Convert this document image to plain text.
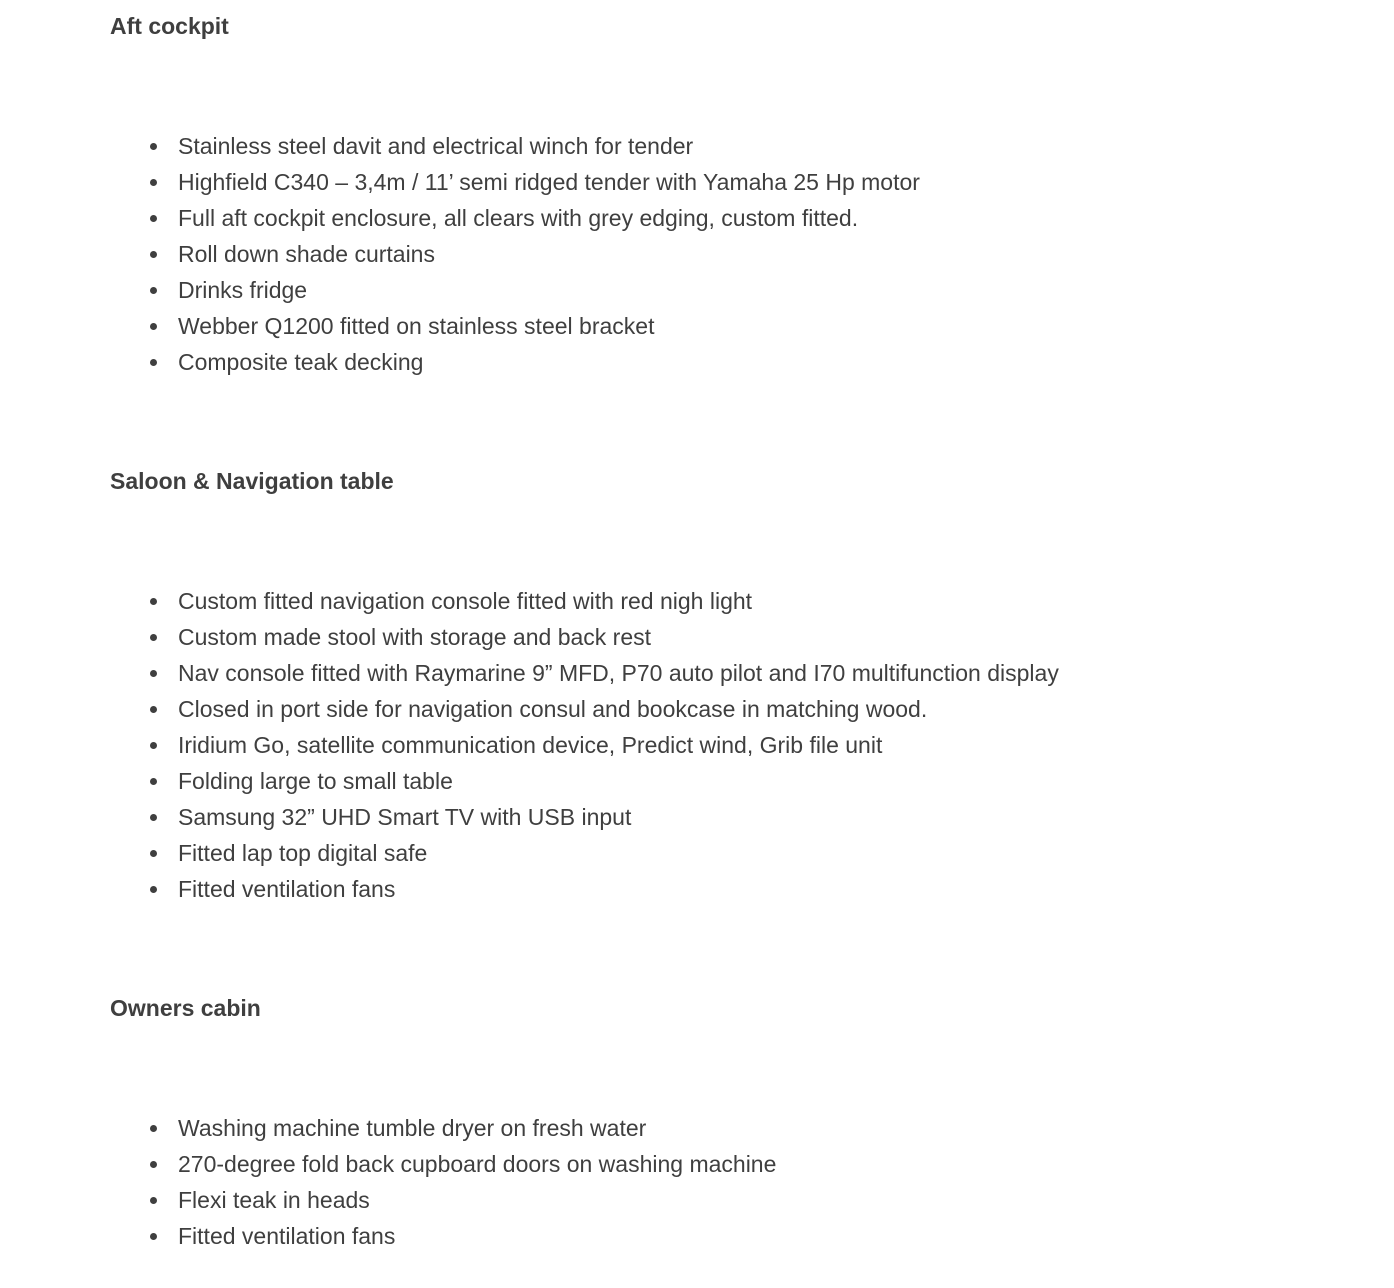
Aft cockpit
Stainless steel davit and electrical winch for tender
Highfield C340 – 3,4m / 11’ semi ridged tender with Yamaha 25 Hp motor
Full aft cockpit enclosure, all clears with grey edging, custom fitted.
Roll down shade curtains
Drinks fridge
Webber Q1200 fitted on stainless steel bracket
Composite teak decking
Saloon & Navigation table
Custom fitted navigation console fitted with red nigh light
Custom made stool with storage and back rest
Nav console fitted with Raymarine 9” MFD, P70 auto pilot and I70 multifunction display
Closed in port side for navigation consul and bookcase in matching wood.
Iridium Go, satellite communication device, Predict wind, Grib file unit
Folding large to small table
Samsung 32” UHD Smart TV with USB input
Fitted lap top digital safe
Fitted ventilation fans
Owners cabin
Washing machine tumble dryer on fresh water
270-degree fold back cupboard doors on washing machine
Flexi teak in heads
Fitted ventilation fans
